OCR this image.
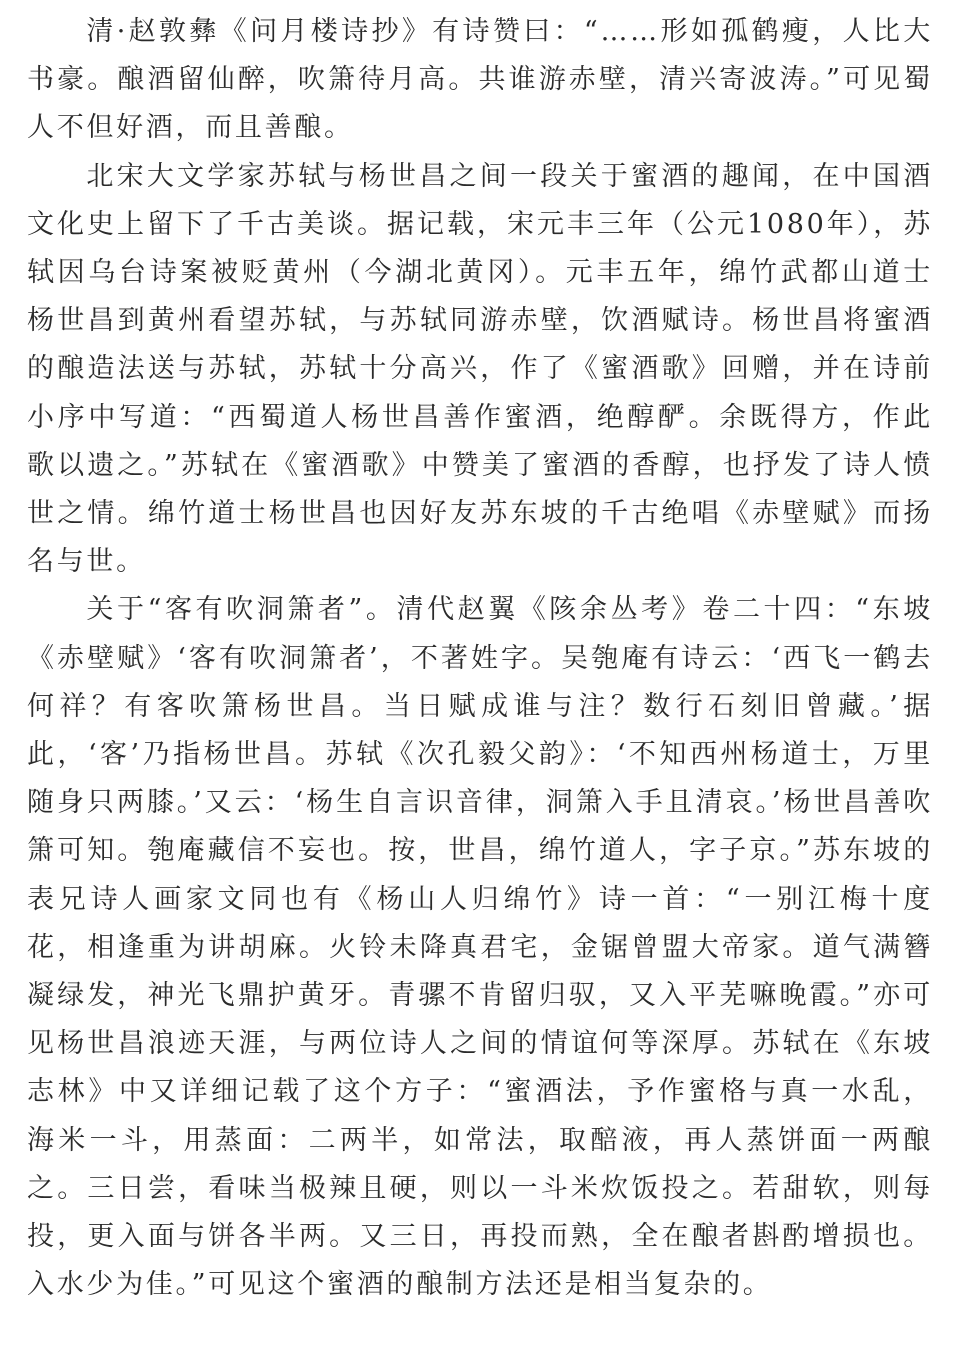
清·赵敦彝《问月楼诗抄》有诗赞曰：“……形如孤鹤瘦，人比大书豪。酿酒留仙醉，吹箫待月高。共谁游赤壁，清兴寄波涛。”可见蜀人不但好酒，而且善酿。

北宋大文学家苏轼与杨世昌之间一段关于蜜酒的趣闻，在中国酒文化史上留下了千古美谈。据记载，宋元丰三年（公元1080年），苏轼因乌台诗案被贬黄州（今湖北黄冈）。元丰五年，绵竹武都山道士杨世昌到黄州看望苏轼，与苏轼同游赤壁，饮酒赋诗。杨世昌将蜜酒的酿造法送与苏轼，苏轼十分高兴，作了《蜜酒歌》回赠，并在诗前小序中写道：“西蜀道人杨世昌善作蜜酒，绝醇酽。余既得方，作此歌以遗之。”苏轼在《蜜酒歌》中赞美了蜜酒的香醇，也抒发了诗人愤世之情。绵竹道士杨世昌也因好友苏东坡的千古绝唱《赤壁赋》而扬名与世。

关于“客有吹洞箫者”。清代赵翼《陔余丛考》卷二十四：“东坡《赤壁赋》‘客有吹洞箫者’，不著姓字。吴匏庵有诗云：‘西飞一鹤去何祥？有客吹箫杨世昌。当日赋成谁与注？数行石刻旧曾藏。’据此，‘客’乃指杨世昌。苏轼《次孔毅父韵》：‘不知西州杨道士，万里随身只两膝。’又云：‘杨生自言识音律，洞箫入手且清哀。’杨世昌善吹箫可知。匏庵藏信不妄也。按，世昌，绵竹道人，字子京。”苏东坡的表兄诗人画家文同也有《杨山人归绵竹》诗一首：“一别江梅十度花，相逢重为讲胡麻。火铃未降真君宅，金锯曾盟大帝家。道气满簪凝绿发，神光飞鼎护黄牙。青骡不肯留归驭，又入平芜嘛晚霞。”亦可见杨世昌浪迹天涯，与两位诗人之间的情谊何等深厚。苏轼在《东坡志林》中又详细记载了这个方子：“蜜酒法，予作蜜格与真一水乱，海米一斗，用蒸面：二两半，如常法，取醅液，再人蒸饼面一两酿之。三日尝，看味当极辣且硬，则以一斗米炊饭投之。若甜软，则每投，更入面与饼各半两。又三日，再投而熟，全在酿者斟酌增损也。入水少为佳。”可见这个蜜酒的酿制方法还是相当复杂的。
